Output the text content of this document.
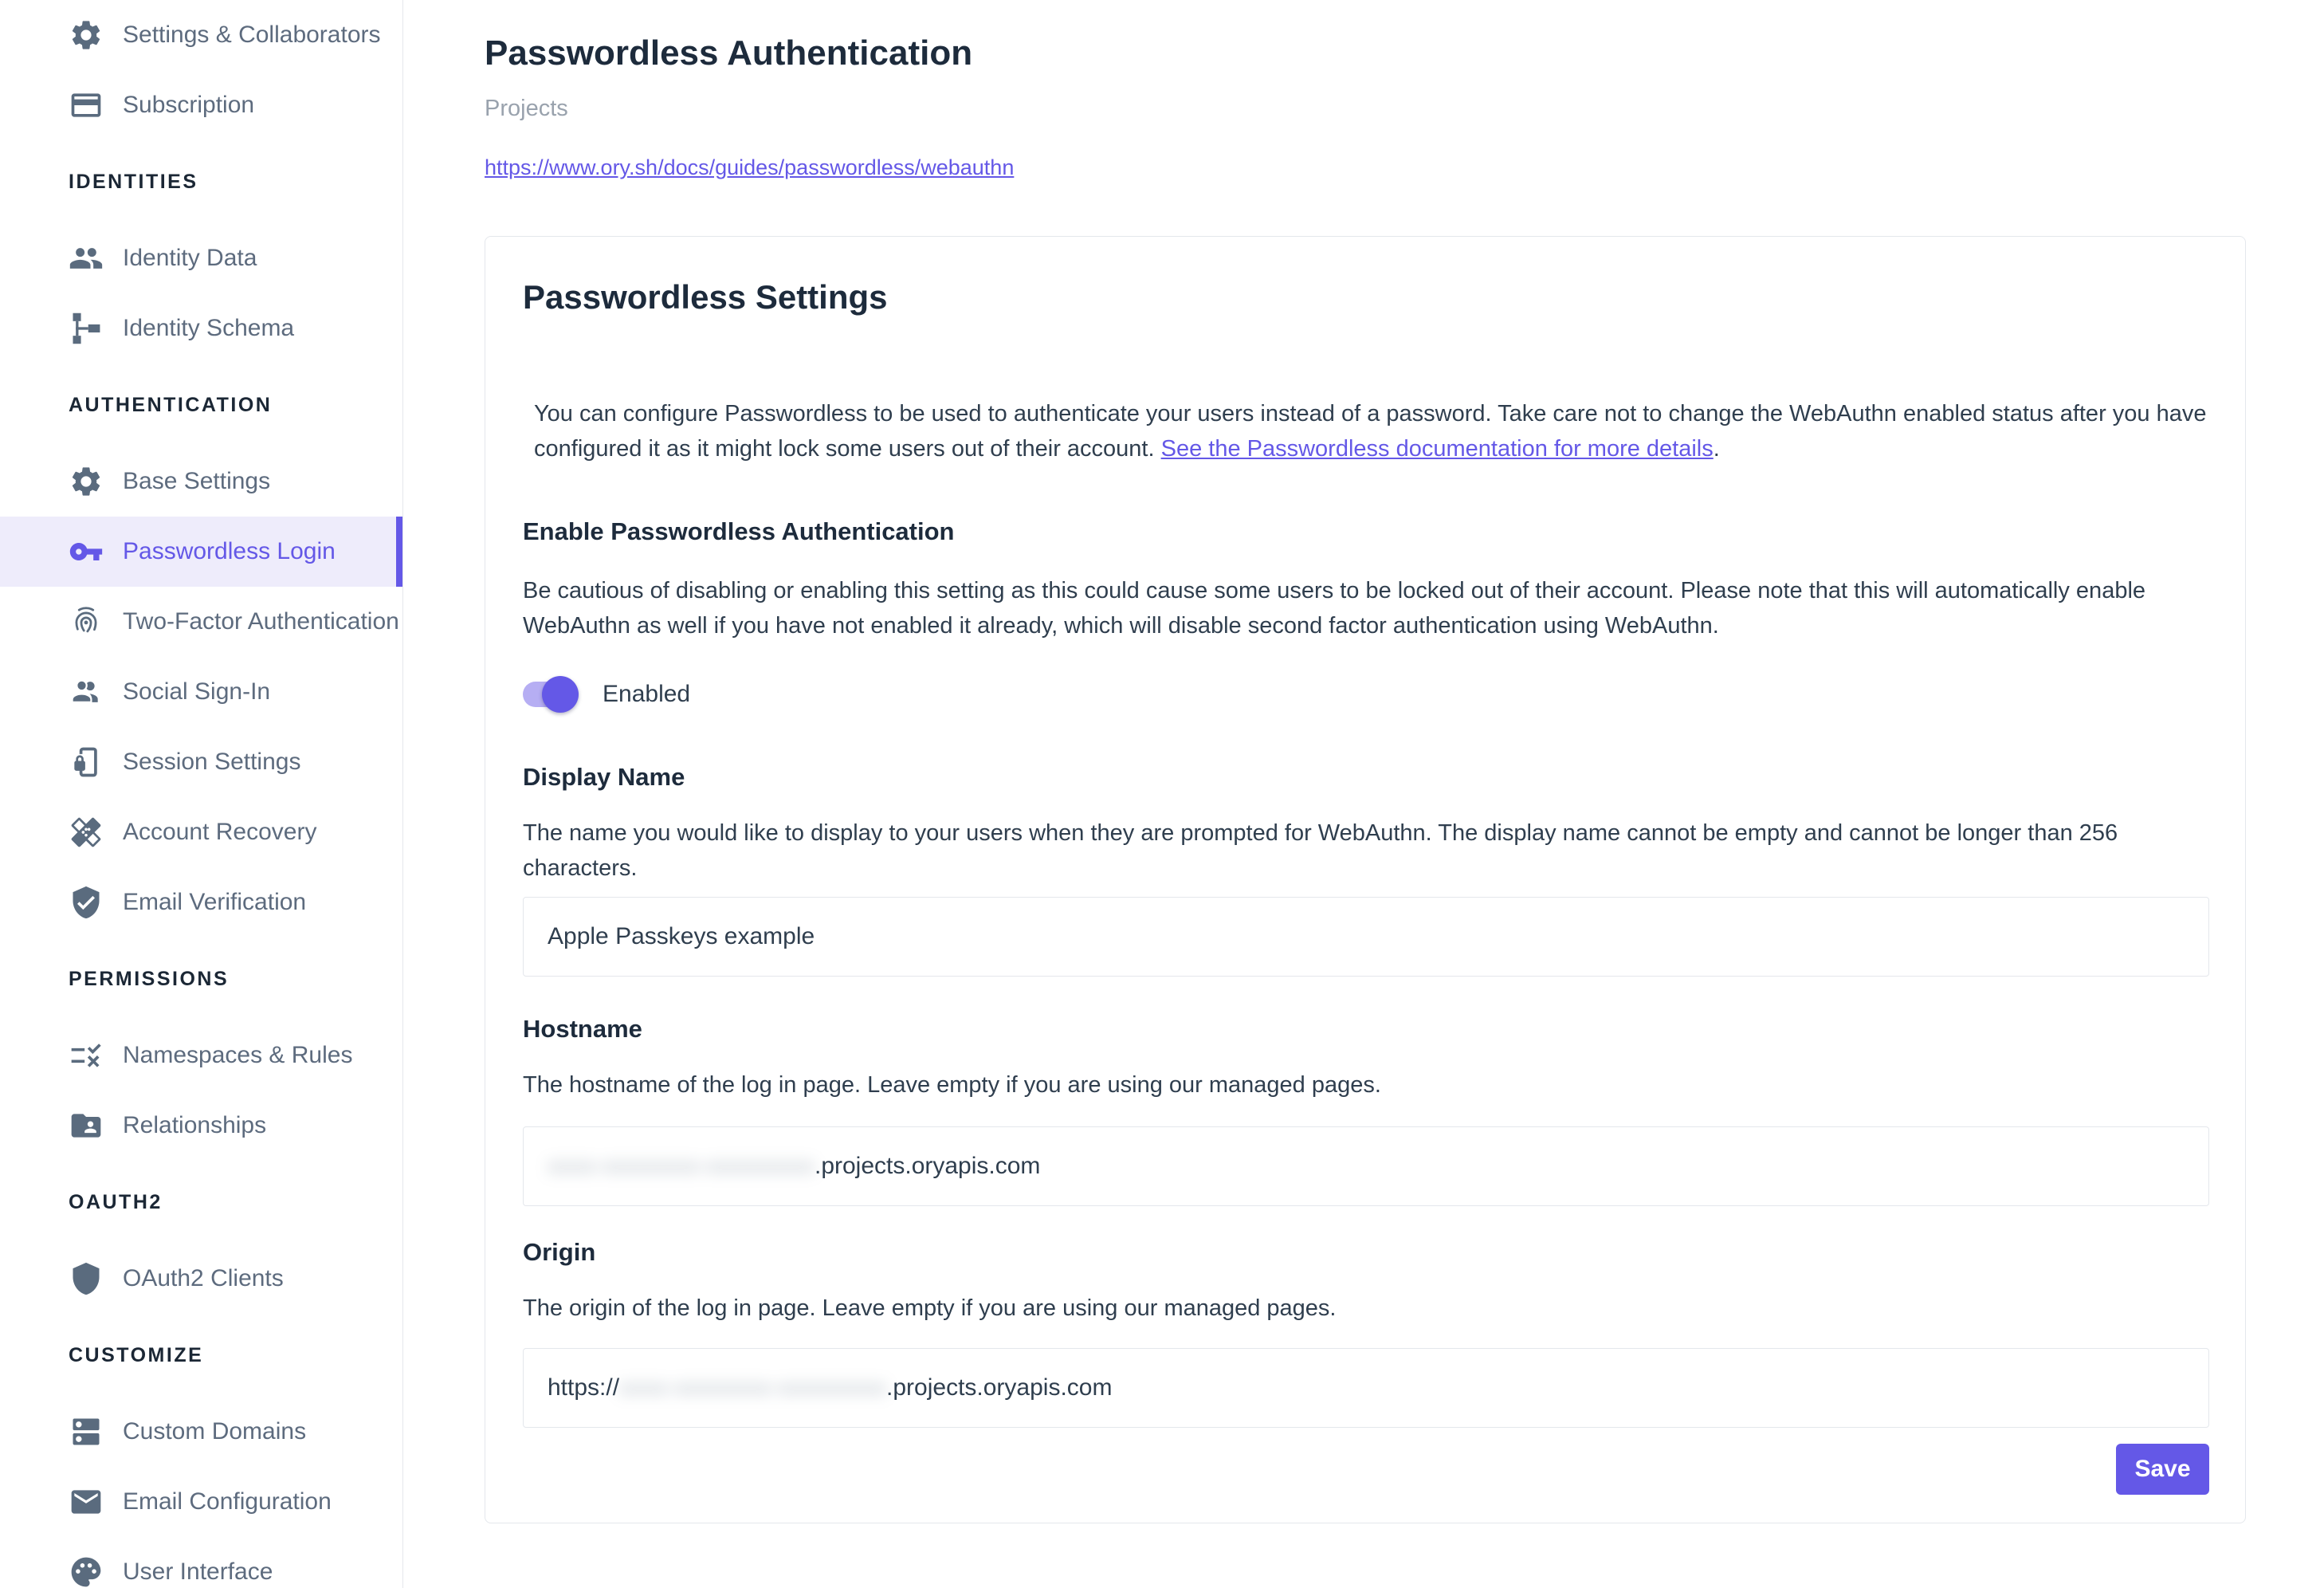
Settings & Collaborators
Subscription
IDENTITIES
Identity Data
Identity Schema
AUTHENTICATION
Base Settings
Passwordless Login
Two-Factor Authentication
Social Sign-In
Session Settings
Account Recovery
Email Verification
PERMISSIONS
Namespaces & Rules
Relationships
OAUTH2
OAuth2 Clients
CUSTOMIZE
Custom Domains
Email Configuration
User Interface
Passwordless Authentication
Projects
https://www.ory.sh/docs/guides/passwordless/webauthn
Passwordless Settings

You can configure Passwordless to be used to authenticate your users instead of a password. Take care not to change the WebAuthn enabled status after you have configured it as it might lock some users out of their account. See the Passwordless documentation for more details.

Enable Passwordless Authentication
Be cautious of disabling or enabling this setting as this could cause some users to be locked out of their account. Please note that this will automatically enable WebAuthn as well if you have not enabled it already, which will disable second factor authentication using WebAuthn.
Enabled
Display Name
The name you would like to display to your users when they are prompted for WebAuthn. The display name cannot be empty and cannot be longer than 256 characters.
Apple Passkeys example
Hostname
The hostname of the log in page. Leave empty if you are using our managed pages.
xxxx-xxxxxxxx-xxxxxxxxx .projects.oryapis.com
Origin
The origin of the log in page. Leave empty if you are using our managed pages.
https:// xxxx-xxxxxxxx-xxxxxxxxx .projects.oryapis.com
Save
